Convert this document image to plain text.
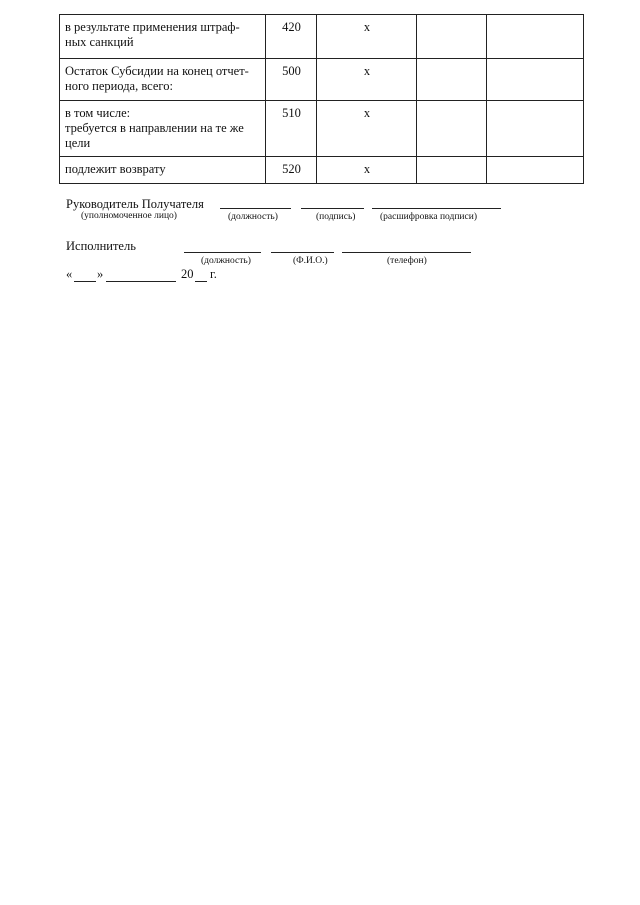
в результате применения штраф-
ных санкций	420	x		
Остаток Субсидии на конец отчет-
ного периода, всего:	500	x		
в том числе:
требуется в направлении на те же
цели	510	x		
подлежит возврату	520	x		
Руководитель Получателя
(уполномоченное лицо)	(должность)	(подпись)	(расшифровка подписи)
Исполнитель
(должность)	(Ф.И.О.)	(телефон)
« »	20 г.
